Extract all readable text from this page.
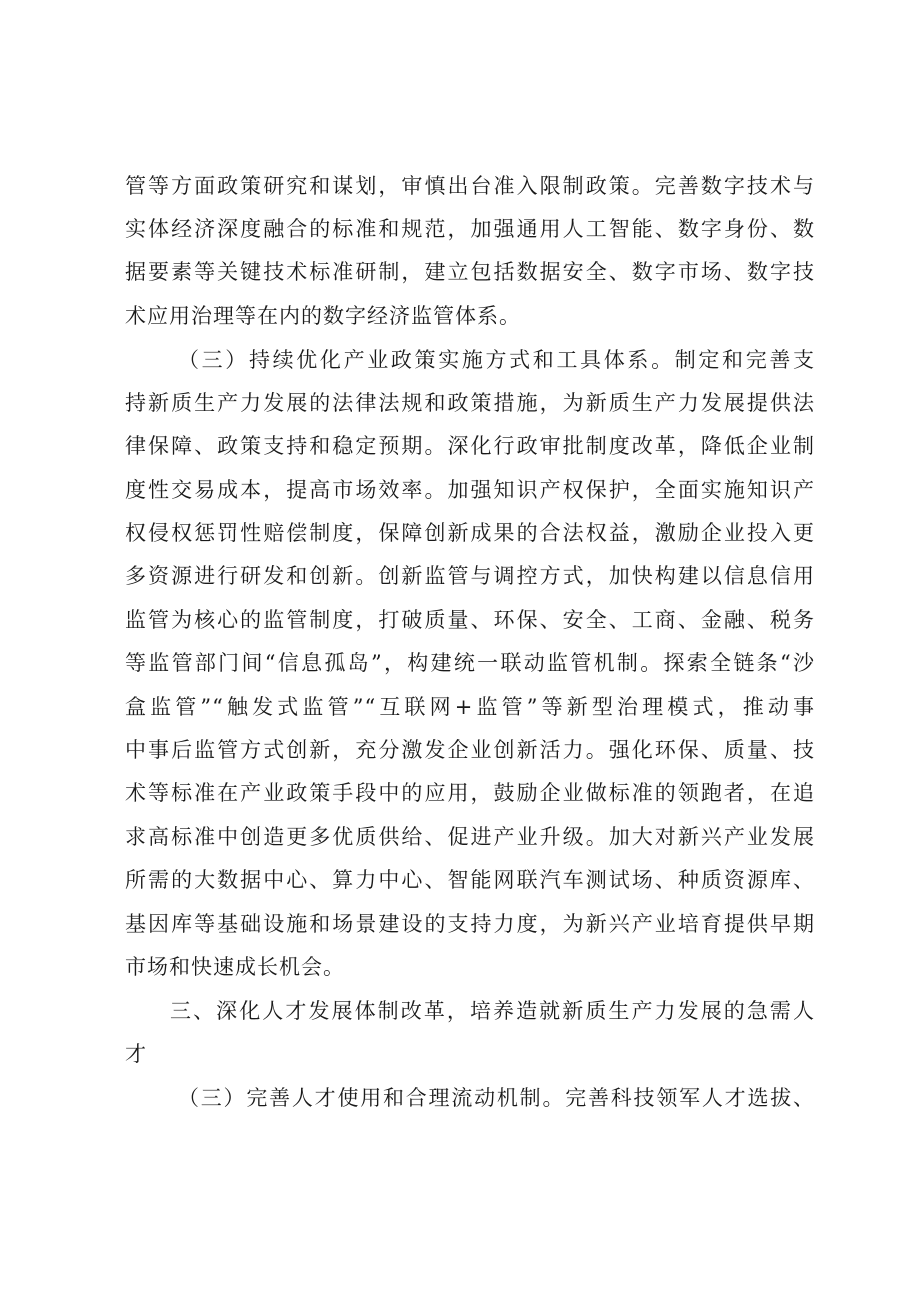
管等方面政策研究和谋划，审慎出台准入限制政策。完善数字技术与
实体经济深度融合的标准和规范，加强通用人工智能、数字身份、数
据要素等关键技术标准研制，建立包括数据安全、数字市场、数字技
术应用治理等在内的数字经济监管体系。
（三）持续优化产业政策实施方式和工具体系。制定和完善支
持新质生产力发展的法律法规和政策措施，为新质生产力发展提供法
律保障、政策支持和稳定预期。深化行政审批制度改革，降低企业制
度性交易成本，提高市场效率。加强知识产权保护，全面实施知识产
权侵权惩罚性赔偿制度，保障创新成果的合法权益，激励企业投入更
多资源进行研发和创新。创新监管与调控方式，加快构建以信息信用
监管为核心的监管制度，打破质量、环保、安全、工商、金融、税务
等监管部门间“信息孤岛”，构建统一联动监管机制。探索全链条“沙
盒监管”“触发式监管”“互联网+监管”等新型治理模式，推动事
中事后监管方式创新，充分激发企业创新活力。强化环保、质量、技
术等标准在产业政策手段中的应用，鼓励企业做标准的领跑者，在追
求高标准中创造更多优质供给、促进产业升级。加大对新兴产业发展
所需的大数据中心、算力中心、智能网联汽车测试场、种质资源库、
基因库等基础设施和场景建设的支持力度，为新兴产业培育提供早期
市场和快速成长机会。
三、深化人才发展体制改革，培养造就新质生产力发展的急需人
才
（三）完善人才使用和合理流动机制。完善科技领军人才选拔、
